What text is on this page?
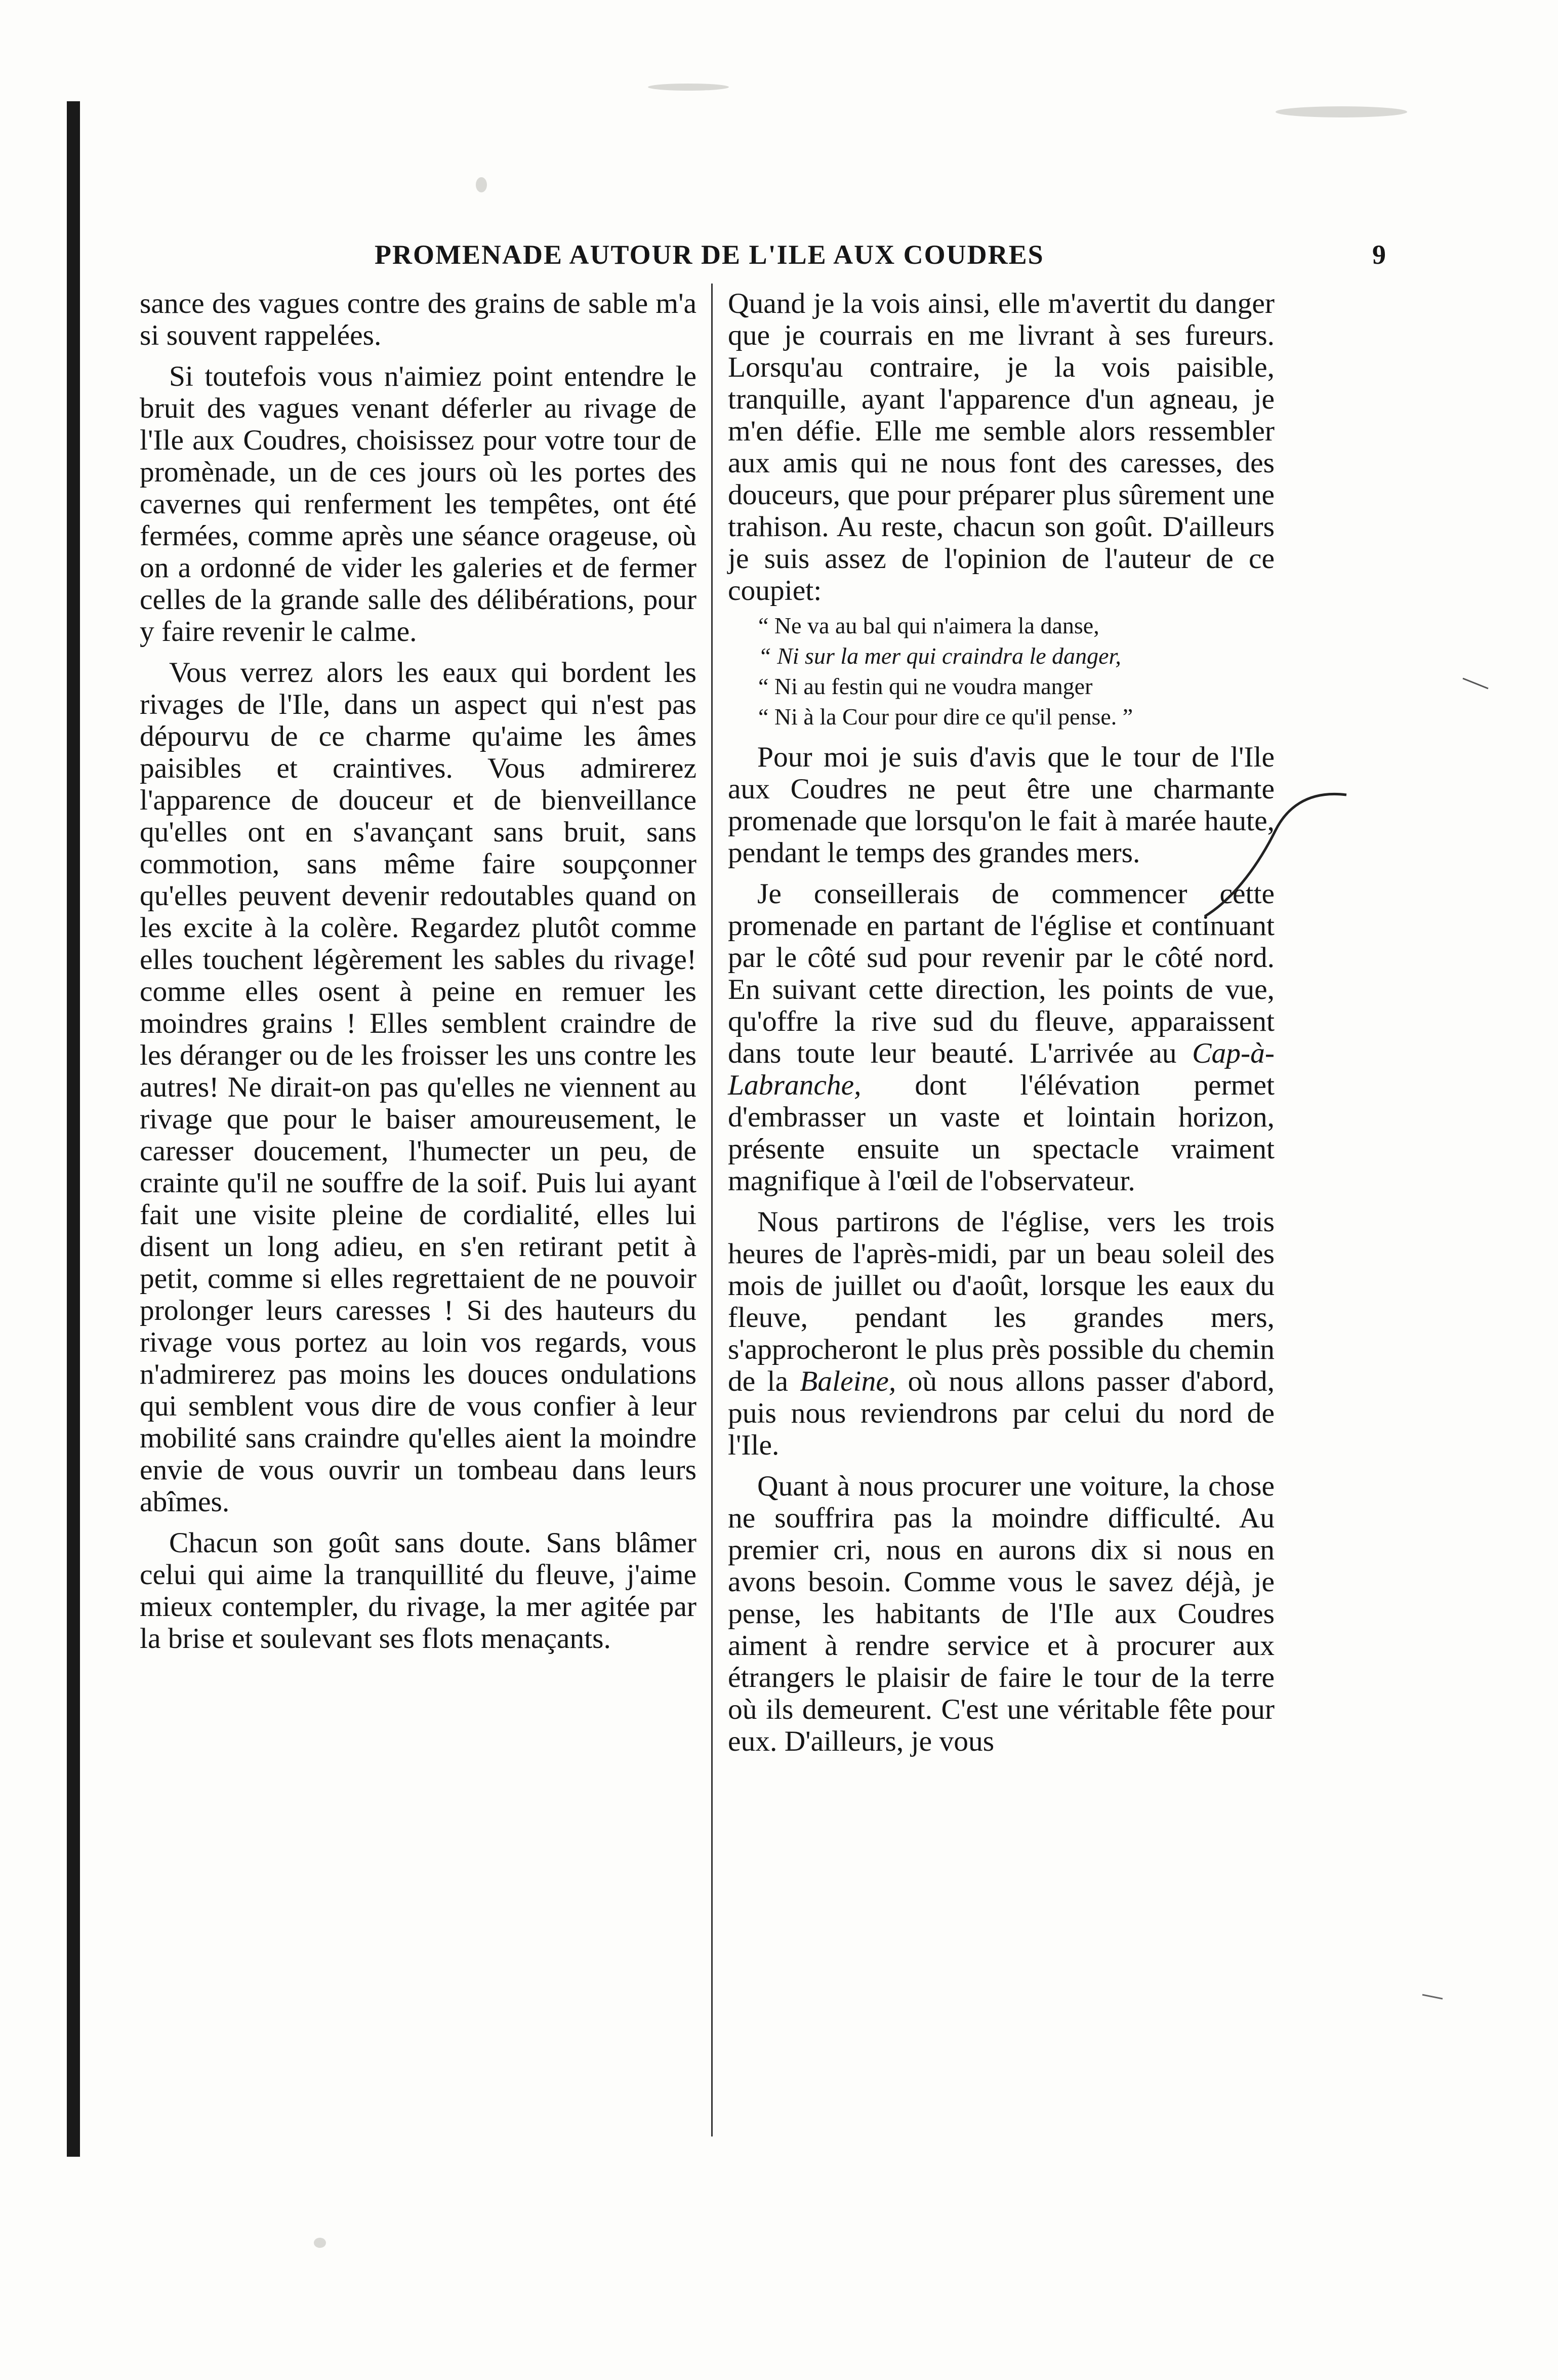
PROMENADE AUTOUR DE L'ILE AUX COUDRES	9

sance des vagues contre des grains de sable m'a si souvent rappelées.

Si toutefois vous n'aimiez point entendre le bruit des vagues venant déferler au rivage de l'Ile aux Coudres, choisissez pour votre tour de promènade, un de ces jours où les portes des cavernes qui renferment les tempêtes, ont été fermées, comme après une séance orageuse, où on a ordonné de vider les galeries et de fermer celles de la grande salle des délibérations, pour y faire revenir le calme.

Vous verrez alors les eaux qui bordent les rivages de l'Ile, dans un aspect qui n'est pas dépourvu de ce charme qu'aime les âmes paisibles et craintives. Vous admirerez l'apparence de douceur et de bienveillance qu'elles ont en s'avançant sans bruit, sans commotion, sans même faire soupçonner qu'elles peuvent devenir redoutables quand on les excite à la colère. Regardez plutôt comme elles touchent légèrement les sables du rivage! comme elles osent à peine en remuer les moindres grains ! Elles semblent craindre de les déranger ou de les froisser les uns contre les autres! Ne dirait-on pas qu'elles ne viennent au rivage que pour le baiser amoureusement, le caresser doucement, l'humecter un peu, de crainte qu'il ne souffre de la soif. Puis lui ayant fait une visite pleine de cordialité, elles lui disent un long adieu, en s'en retirant petit à petit, comme si elles regrettaient de ne pouvoir prolonger leurs caresses ! Si des hauteurs du rivage vous portez au loin vos regards, vous n'admirerez pas moins les douces ondulations qui semblent vous dire de vous confier à leur mobilité sans craindre qu'elles aient la moindre envie de vous ouvrir un tombeau dans leurs abîmes.

Chacun son goût sans doute. Sans blâmer celui qui aime la tranquillité du fleuve, j'aime mieux contempler, du rivage, la mer agitée par la brise et soulevant ses flots menaçants.

Quand je la vois ainsi, elle m'avertit du danger que je courrais en me livrant à ses fureurs. Lorsqu'au contraire, je la vois paisible, tranquille, ayant l'apparence d'un agneau, je m'en défie. Elle me semble alors ressembler aux amis qui ne nous font des caresses, des douceurs, que pour préparer plus sûrement une trahison. Au reste, chacun son goût. D'ailleurs je suis assez de l'opinion de l'auteur de ce coupiet:

“ Ne va au bal qui n'aimera la danse,
“ Ni sur la mer qui craindra le danger,
“ Ni au festin qui ne voudra manger
“ Ni à la Cour pour dire ce qu'il pense. ”

Pour moi je suis d'avis que le tour de l'Ile aux Coudres ne peut être une charmante promenade que lorsqu'on le fait à marée haute, pendant le temps des grandes mers.

Je conseillerais de commencer cette promenade en partant de l'église et continuant par le côté sud pour revenir par le côté nord. En suivant cette direction, les points de vue, qu'offre la rive sud du fleuve, apparaissent dans toute leur beauté. L'arrivée au Cap-à-Labranche, dont l'élévation permet d'embrasser un vaste et lointain horizon, présente ensuite un spectacle vraiment magnifique à l'œil de l'observateur.

Nous partirons de l'église, vers les trois heures de l'après-midi, par un beau soleil des mois de juillet ou d'août, lorsque les eaux du fleuve, pendant les grandes mers, s'approcheront le plus près possible du chemin de la Baleine, où nous allons passer d'abord, puis nous reviendrons par celui du nord de l'Ile.

Quant à nous procurer une voiture, la chose ne souffrira pas la moindre difficulté. Au premier cri, nous en aurons dix si nous en avons besoin. Comme vous le savez déjà, je pense, les habitants de l'Ile aux Coudres aiment à rendre service et à procurer aux étrangers le plaisir de faire le tour de la terre où ils demeurent. C'est une véritable fête pour eux. D'ailleurs, je vous
